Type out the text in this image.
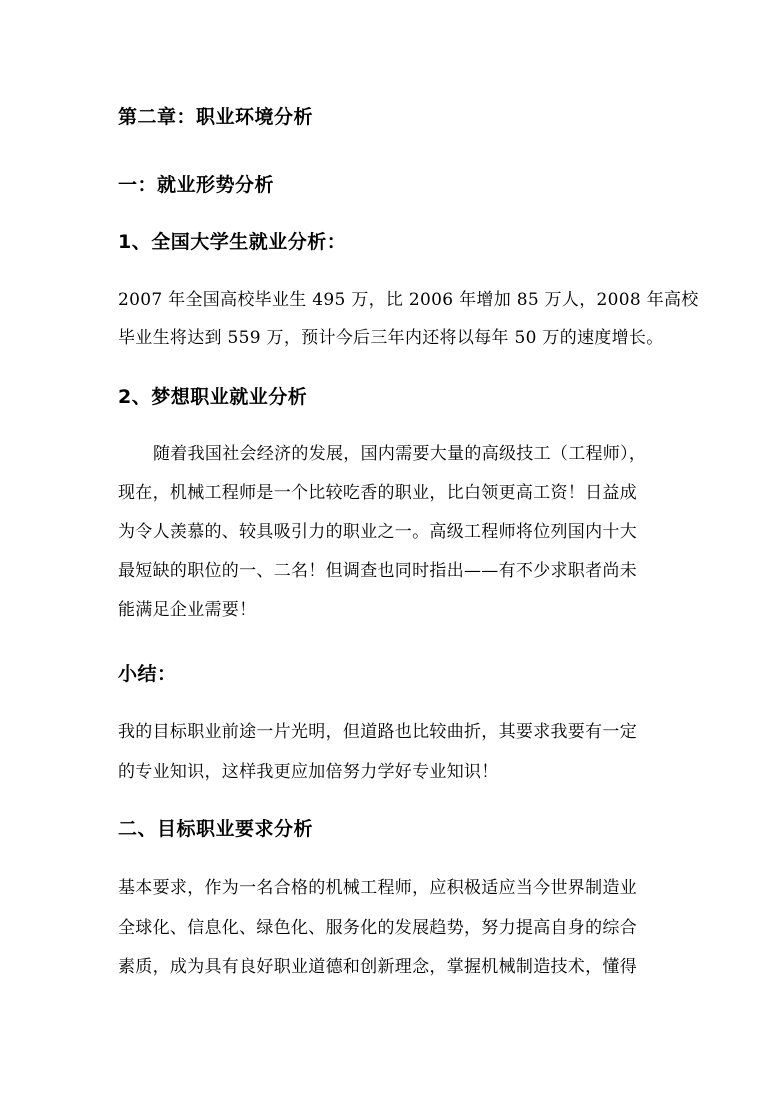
第二章：职业环境分析
一：就业形势分析
1、全国大学生就业分析：
2007 年全国高校毕业生 495 万，比 2006 年增加 85 万人，2008 年高校
毕业生将达到 559 万，预计今后三年内还将以每年 50 万的速度增长。
2、梦想职业就业分析
随着我国社会经济的发展，国内需要大量的高级技工（工程师），
现在，机械工程师是一个比较吃香的职业，比白领更高工资！日益成
为令人羡慕的、较具吸引力的职业之一。高级工程师将位列国内十大
最短缺的职位的一、二名！但调查也同时指出——有不少求职者尚未
能满足企业需要！
小结：
我的目标职业前途一片光明，但道路也比较曲折，其要求我要有一定
的专业知识，这样我更应加倍努力学好专业知识！
二、目标职业要求分析
基本要求，作为一名合格的机械工程师，应积极适应当今世界制造业
全球化、信息化、绿色化、服务化的发展趋势，努力提高自身的综合
素质，成为具有良好职业道德和创新理念，掌握机械制造技术，懂得
